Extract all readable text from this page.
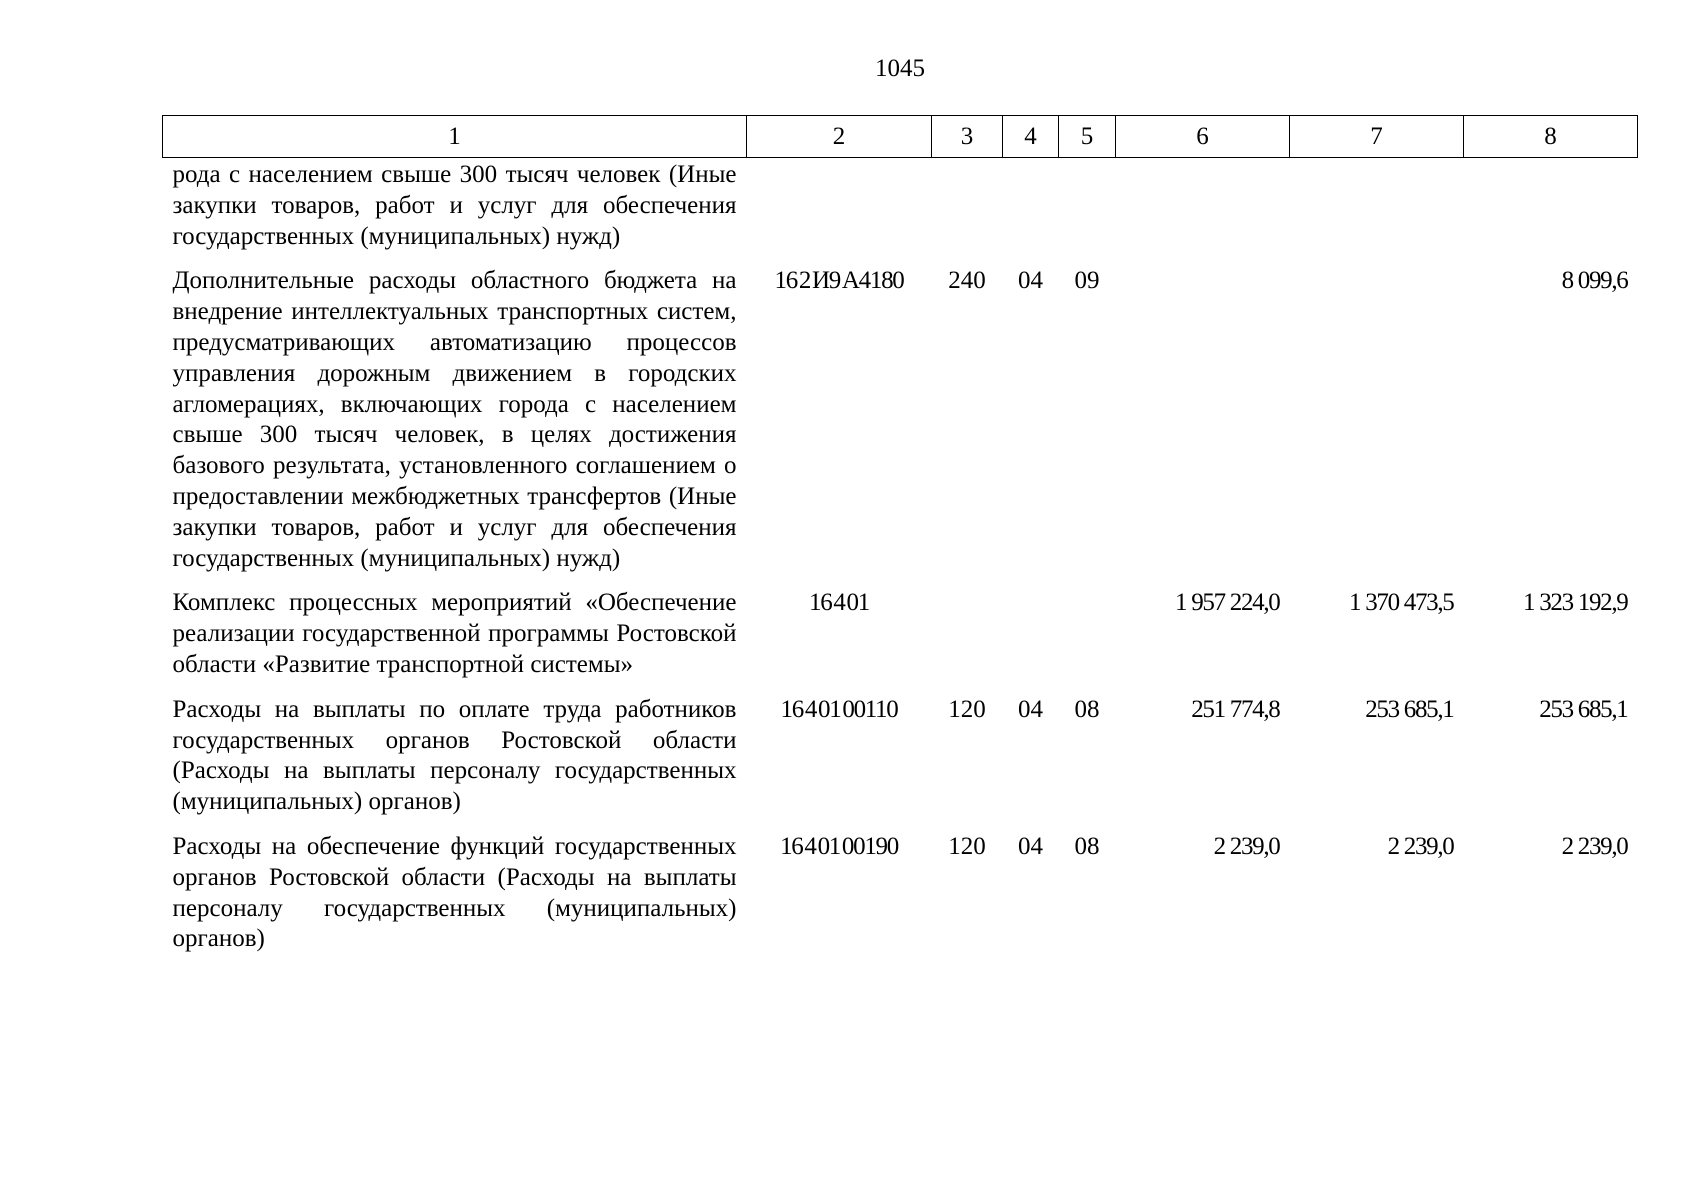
1045
1	2	3	4	5	6	7	8
рода с населением свыше 300 тысяч человек (Иные закупки товаров, работ и услуг для обеспечения государственных (муниципальных) нужд)							
Дополнительные расходы областного бюджета на внедрение интеллектуальных транспортных систем, предусматривающих автоматизацию процессов управления дорожным движением в городских агломерациях, включающих города с населением свыше 300 тысяч человек, в целях достижения базового результата, установленного соглашением о предоставлении межбюджетных трансфертов (Иные закупки товаров, работ и услуг для обеспечения государственных (муниципальных) нужд)	16 2 И9 А4180	240	04	09			8 099,6
Комплекс процессных мероприятий «Обеспечение реализации государственной программы Ростовской области «Развитие транспортной системы»	16 4 01				1 957 224,0	1 370 473,5	1 323 192,9
Расходы на выплаты по оплате труда работников государственных органов Ростовской области (Расходы на выплаты персоналу государственных (муниципальных) органов)	16 4 01 00110	120	04	08	251 774,8	253 685,1	253 685,1
Расходы на обеспечение функций государственных органов Ростовской области (Расходы на выплаты персоналу государственных (муниципальных) органов)	16 4 01 00190	120	04	08	2 239,0	2 239,0	2 239,0
